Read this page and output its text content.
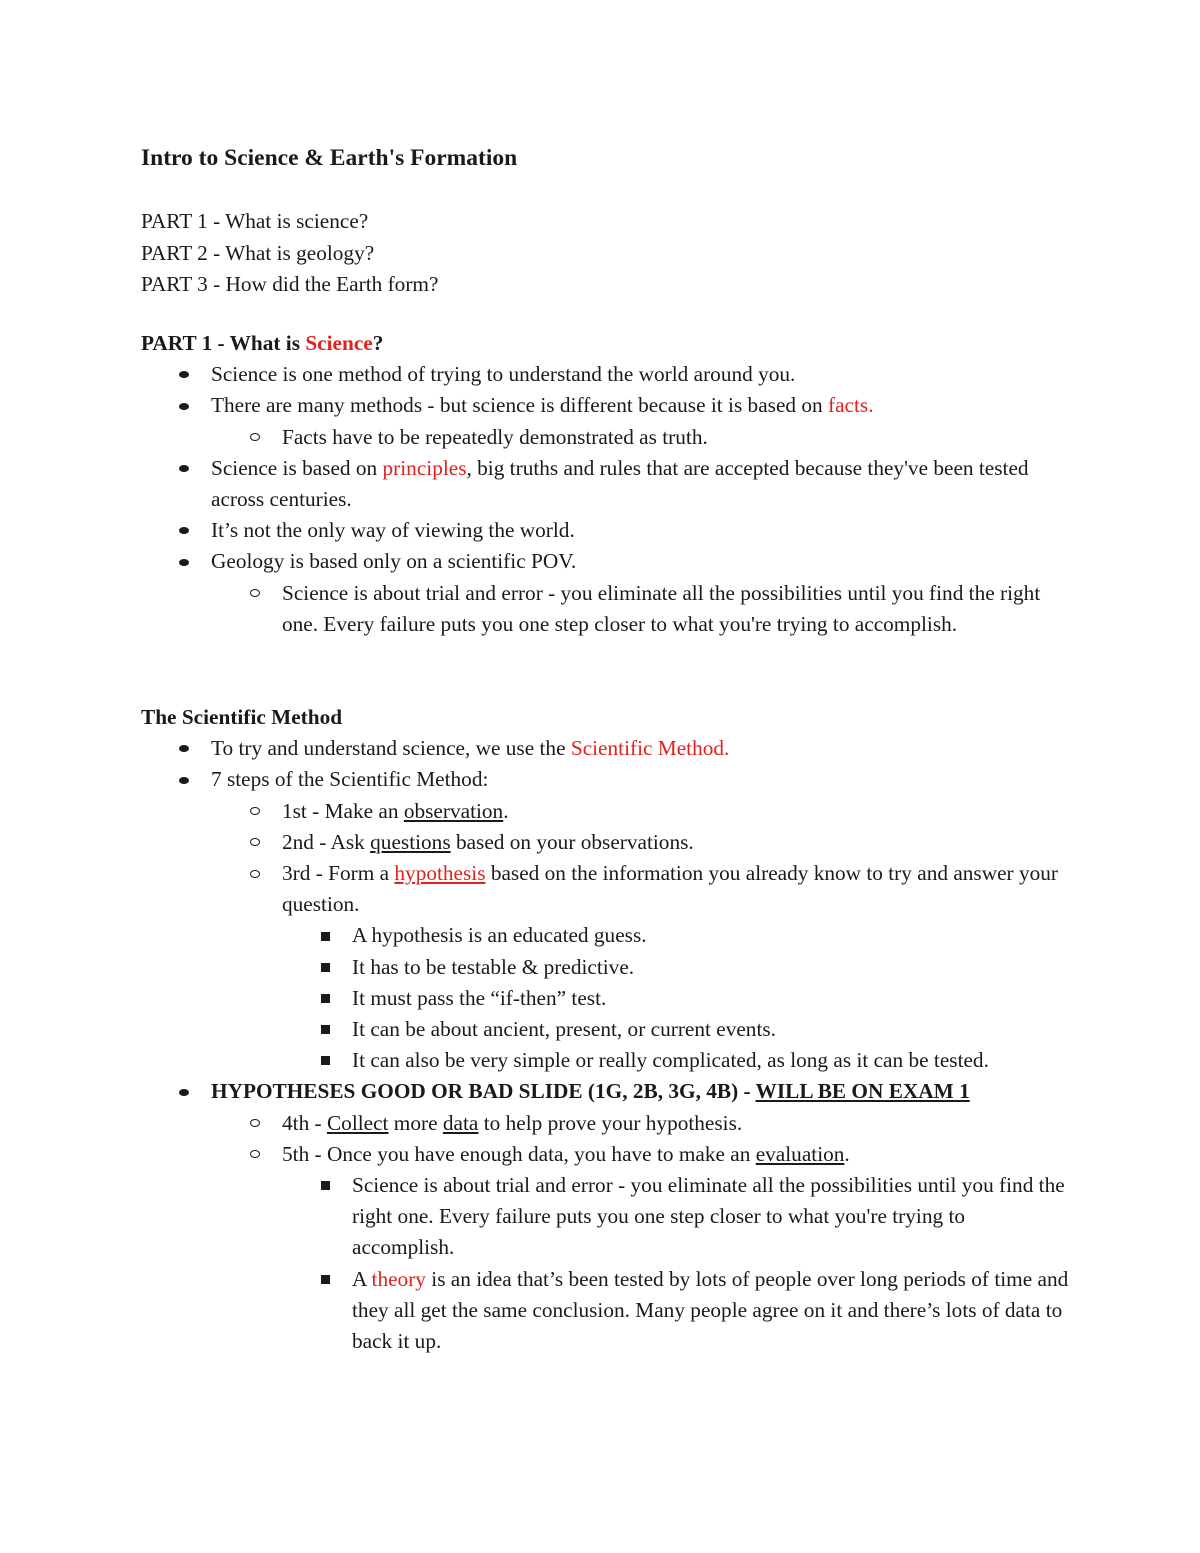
Intro to Science & Earth's Formation
PART 1 - What is science?
PART 2 - What is geology?
PART 3 - How did the Earth form?
PART 1 - What is Science?
Science is one method of trying to understand the world around you.
There are many methods - but science is different because it is based on facts.
Facts have to be repeatedly demonstrated as truth.
Science is based on principles, big truths and rules that are accepted because they've been tested across centuries.
It’s not the only way of viewing the world.
Geology is based only on a scientific POV.
Science is about trial and error - you eliminate all the possibilities until you find the right one. Every failure puts you one step closer to what you're trying to accomplish.
The Scientific Method
To try and understand science, we use the Scientific Method.
7 steps of the Scientific Method:
1st - Make an observation.
2nd - Ask questions based on your observations.
3rd - Form a hypothesis based on the information you already know to try and answer your question.
A hypothesis is an educated guess.
It has to be testable & predictive.
It must pass the “if-then” test.
It can be about ancient, present, or current events.
It can also be very simple or really complicated, as long as it can be tested.
HYPOTHESES GOOD OR BAD SLIDE (1G, 2B, 3G, 4B) - WILL BE ON EXAM 1
4th - Collect more data to help prove your hypothesis.
5th - Once you have enough data, you have to make an evaluation.
Science is about trial and error - you eliminate all the possibilities until you find the right one. Every failure puts you one step closer to what you're trying to accomplish.
A theory is an idea that’s been tested by lots of people over long periods of time and they all get the same conclusion. Many people agree on it and there’s lots of data to back it up.
